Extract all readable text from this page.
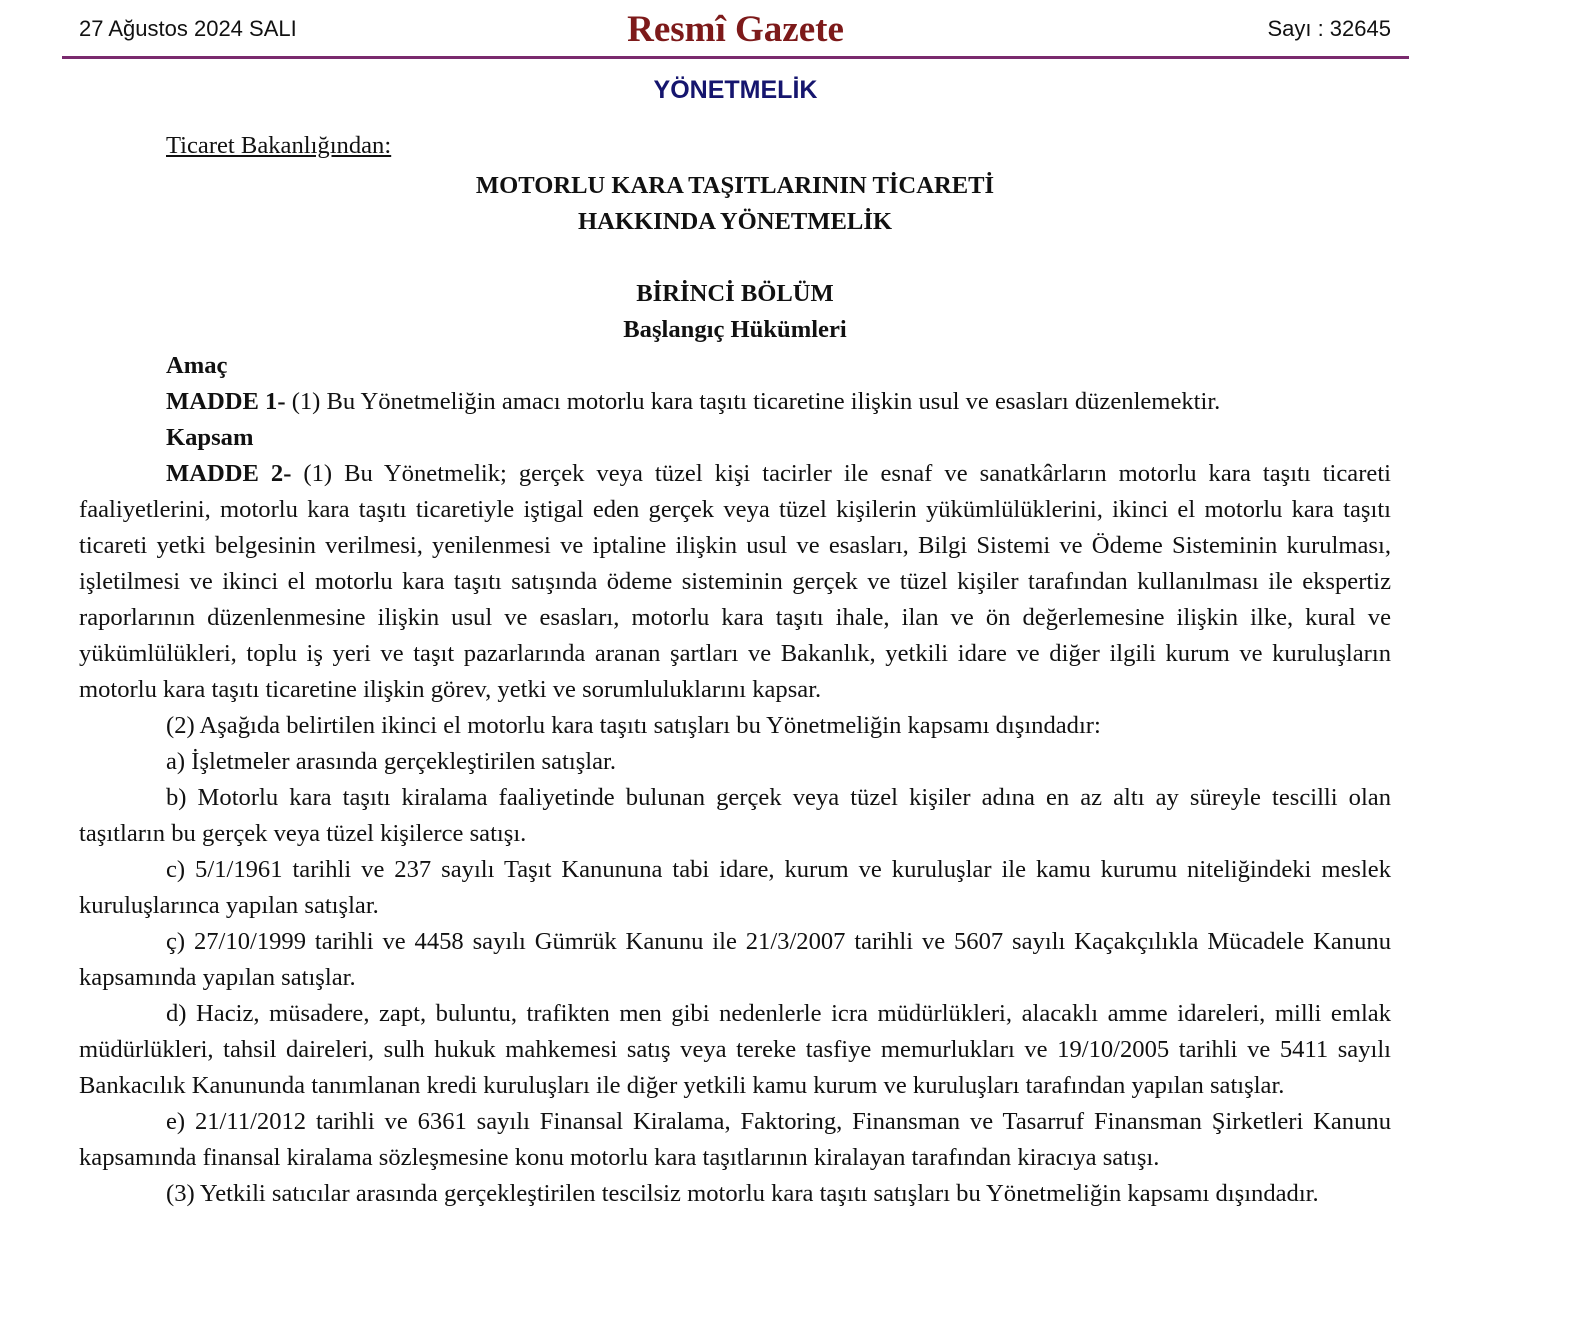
27 Ağustos 2024 SALI	Resmî Gazete	Sayı : 32645
YÖNETMELİK

Ticaret Bakanlığından:

MOTORLU KARA TAŞITLARININ TİCARETİ

HAKKINDA YÖNETMELİK

BİRİNCİ BÖLÜM

Başlangıç Hükümleri

Amaç

MADDE 1- (1) Bu Yönetmeliğin amacı motorlu kara taşıtı ticaretine ilişkin usul ve esasları düzenlemektir.

Kapsam

MADDE 2- (1) Bu Yönetmelik; gerçek veya tüzel kişi tacirler ile esnaf ve sanatkârların motorlu kara taşıtı ticareti faaliyetlerini, motorlu kara taşıtı ticaretiyle iştigal eden gerçek veya tüzel kişilerin yükümlülüklerini, ikinci el motorlu kara taşıtı ticareti yetki belgesinin verilmesi, yenilenmesi ve iptaline ilişkin usul ve esasları, Bilgi Sistemi ve Ödeme Sisteminin kurulması, işletilmesi ve ikinci el motorlu kara taşıtı satışında ödeme sisteminin gerçek ve tüzel kişiler tarafından kullanılması ile ekspertiz raporlarının düzenlenmesine ilişkin usul ve esasları, motorlu kara taşıtı ihale, ilan ve ön değerlemesine ilişkin ilke, kural ve yükümlülükleri, toplu iş yeri ve taşıt pazarlarında aranan şartları ve Bakanlık, yetkili idare ve diğer ilgili kurum ve kuruluşların motorlu kara taşıtı ticaretine ilişkin görev, yetki ve sorumluluklarını kapsar.

(2) Aşağıda belirtilen ikinci el motorlu kara taşıtı satışları bu Yönetmeliğin kapsamı dışındadır:

a) İşletmeler arasında gerçekleştirilen satışlar.

b) Motorlu kara taşıtı kiralama faaliyetinde bulunan gerçek veya tüzel kişiler adına en az altı ay süreyle tescilli olan taşıtların bu gerçek veya tüzel kişilerce satışı.

c) 5/1/1961 tarihli ve 237 sayılı Taşıt Kanununa tabi idare, kurum ve kuruluşlar ile kamu kurumu niteliğindeki meslek kuruluşlarınca yapılan satışlar.

ç) 27/10/1999 tarihli ve 4458 sayılı Gümrük Kanunu ile 21/3/2007 tarihli ve 5607 sayılı Kaçakçılıkla Mücadele Kanunu kapsamında yapılan satışlar.

d) Haciz, müsadere, zapt, buluntu, trafikten men gibi nedenlerle icra müdürlükleri, alacaklı amme idareleri, milli emlak müdürlükleri, tahsil daireleri, sulh hukuk mahkemesi satış veya tereke tasfiye memurlukları ve 19/10/2005 tarihli ve 5411 sayılı Bankacılık Kanununda tanımlanan kredi kuruluşları ile diğer yetkili kamu kurum ve kuruluşları tarafından yapılan satışlar.

e) 21/11/2012 tarihli ve 6361 sayılı Finansal Kiralama, Faktoring, Finansman ve Tasarruf Finansman Şirketleri Kanunu kapsamında finansal kiralama sözleşmesine konu motorlu kara taşıtlarının kiralayan tarafından kiracıya satışı.

(3) Yetkili satıcılar arasında gerçekleştirilen tescilsiz motorlu kara taşıtı satışları bu Yönetmeliğin kapsamı dışındadır.
